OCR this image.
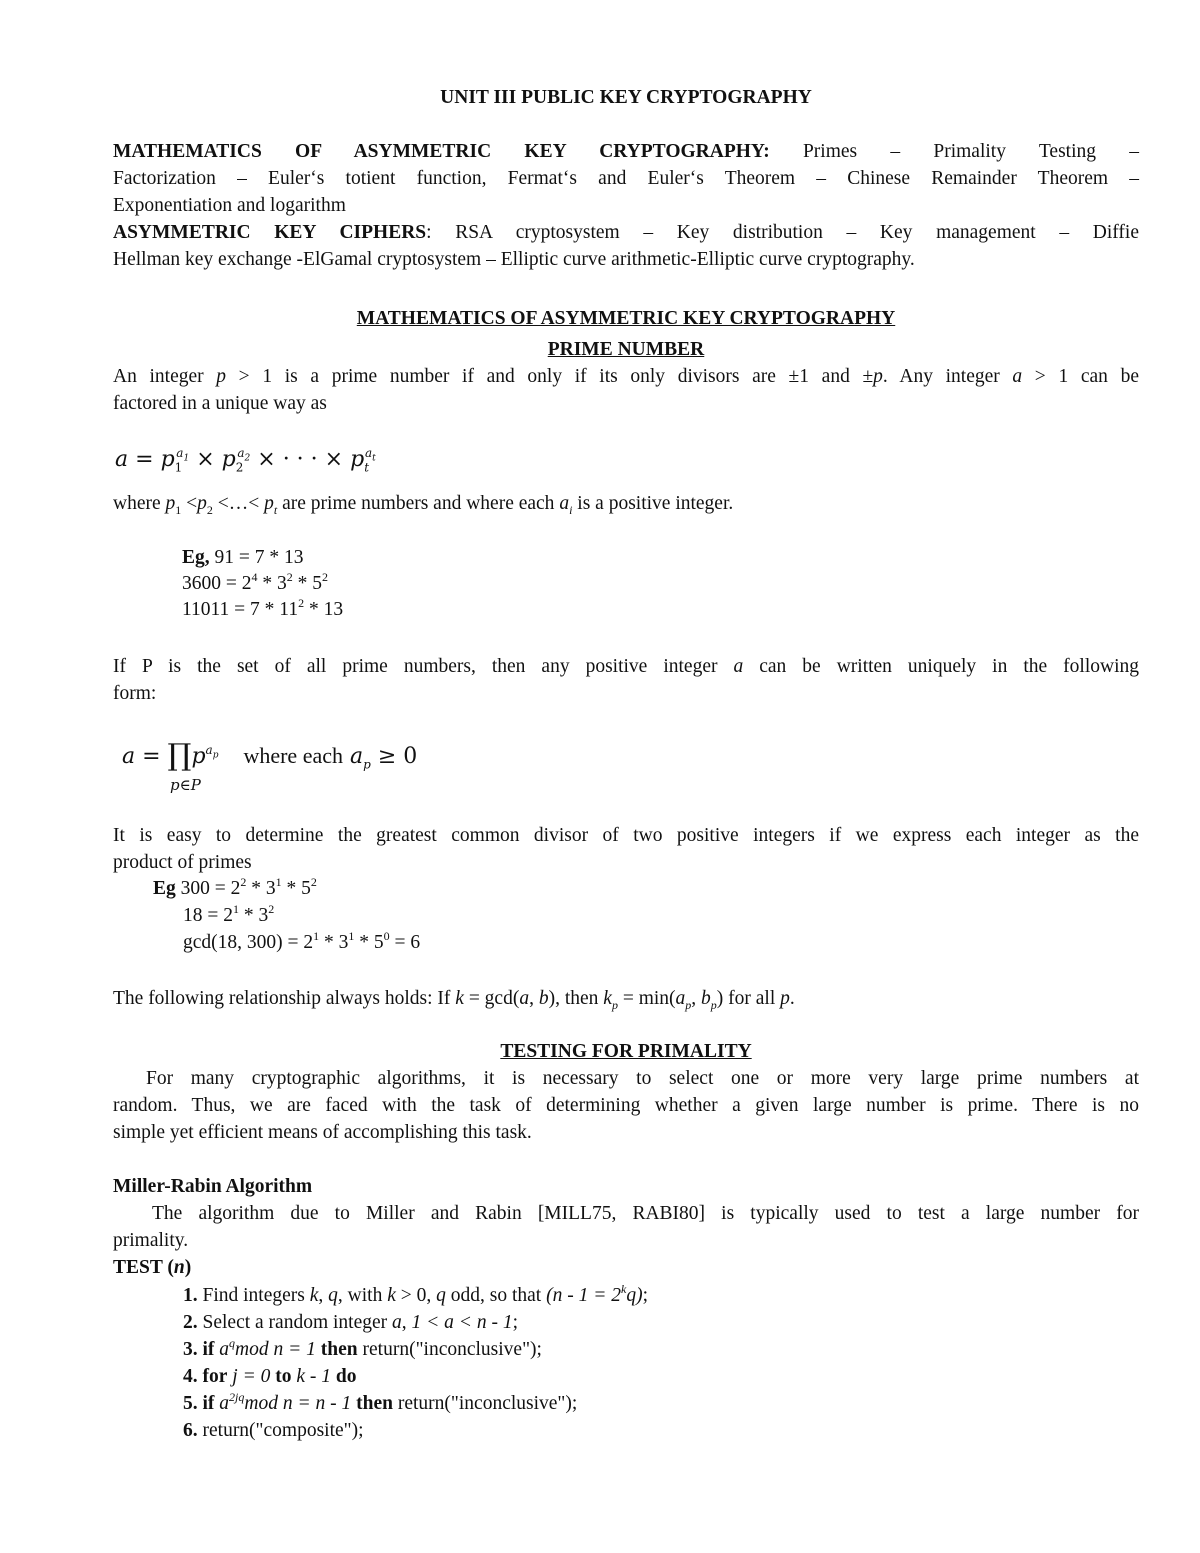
UNIT III PUBLIC KEY CRYPTOGRAPHY
MATHEMATICS OF ASYMMETRIC KEY CRYPTOGRAPHY: Primes – Primality Testing –
Factorization – Euler‘s totient function, Fermat‘s and Euler‘s Theorem – Chinese Remainder Theorem –
Exponentiation and logarithm
ASYMMETRIC KEY CIPHERS: RSA cryptosystem – Key distribution – Key management – Diffie
Hellman key exchange -ElGamal cryptosystem – Elliptic curve arithmetic-Elliptic curve cryptography.
MATHEMATICS OF ASYMMETRIC KEY CRYPTOGRAPHY
PRIME NUMBER
An integer p > 1 is a prime number if and only if its only divisors are ±1 and ±p. Any integer a > 1 can be
factored in a unique way as
$a = p_1^{a_1} \times p_2^{a_2}$ × · · · × $p_t^{a_t}$
where $p_1 <p_2$ <…< $p_t$ are prime numbers and where each $a_i$ is a positive integer.
Eg, 91 = 7 * 13
$3600 = 2^4 * 3^2 * 5^2$
$11011 = 7 * 11^2 * 13$
If P is the set of all prime numbers, then any positive integer a can be written uniquely in the following
form:
$a = \prod p^{a_p}$ where each $a_p \ge 0$
p∈P
It is easy to determine the greatest common divisor of two positive integers if we express each integer as the
product of primes
Eg $300 = 2^2 * 3^1 * 5^2$
$18 = 2^1 * 3^2$
gcd(18, $300) = 2^1 * 3^1 * 5^0 = 6$
The following relationship always holds: If k = gcd(a, b), then $k_p = \min(a_p$, $b_p$) for all p.
TESTING FOR PRIMALITY
For many cryptographic algorithms, it is necessary to select one or more very large prime numbers at
random. Thus, we are faced with the task of determining whether a given large number is prime. There is no
simple yet efficient means of accomplishing this task.
Miller-Rabin Algorithm
The algorithm due to Miller and Rabin [MILL75, RABI80] is typically used to test a large number for
primality.
TEST (n)
1. Find integers k, q, with k > 0, q odd, so that $(n - 1 = 2^kq)$;
2. Select a random integer a, 1 < a < n - 1;
3. if $a^qmod$ n = 1 then return("inconclusive");
4. for j = 0 to k - 1 do
5. if $a^{2jq}mod$ n = n - 1 then return("inconclusive");
6. return("composite");
